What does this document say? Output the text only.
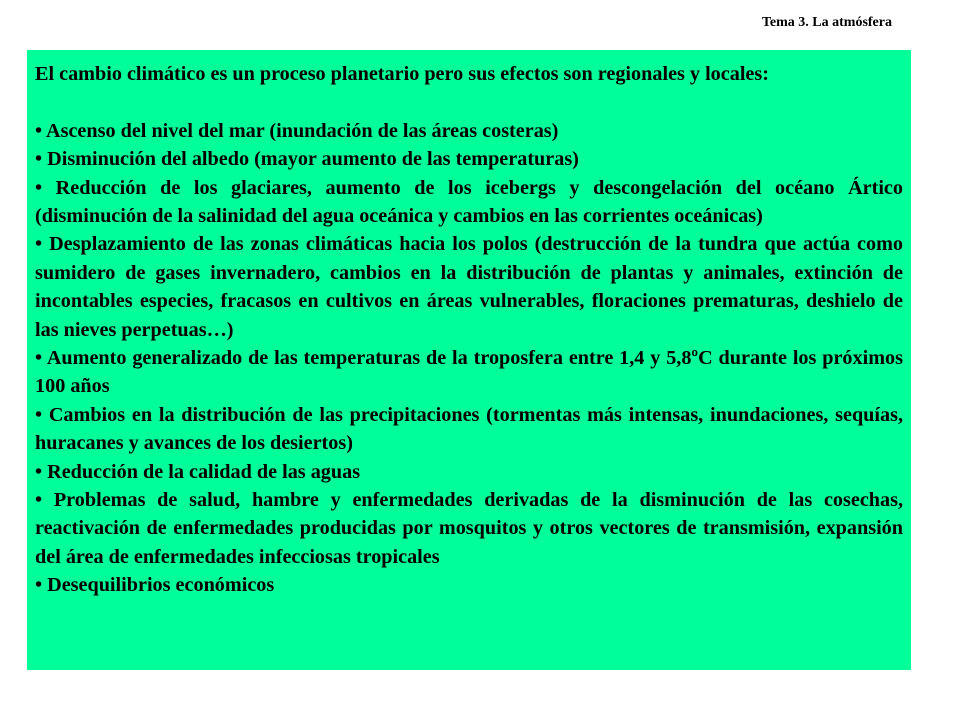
Tema 3. La atmósfera

El cambio climático es un proceso planetario pero sus efectos son regionales y locales:

• Ascenso del nivel del mar (inundación de las áreas costeras)
• Disminución del albedo (mayor aumento de las temperaturas)
• Reducción de los glaciares, aumento de los icebergs y descongelación del océano Ártico (disminución de la salinidad del agua oceánica y cambios en las corrientes oceánicas)
• Desplazamiento de las zonas climáticas hacia los polos (destrucción de la tundra que actúa como sumidero de gases invernadero, cambios en la distribución de plantas y animales, extinción de incontables especies, fracasos en cultivos en áreas vulnerables, floraciones prematuras, deshielo de las nieves perpetuas…)
• Aumento generalizado de las temperaturas de la troposfera entre 1,4 y 5,8ºC durante los próximos 100 años
• Cambios en la distribución de las precipitaciones (tormentas más intensas, inundaciones, sequías, huracanes y avances de los desiertos)
• Reducción de la calidad de las aguas
• Problemas de salud, hambre y enfermedades derivadas de la disminución de las cosechas, reactivación de enfermedades producidas por mosquitos y otros vectores de transmisión, expansión del área de enfermedades infecciosas tropicales
• Desequilibrios económicos
